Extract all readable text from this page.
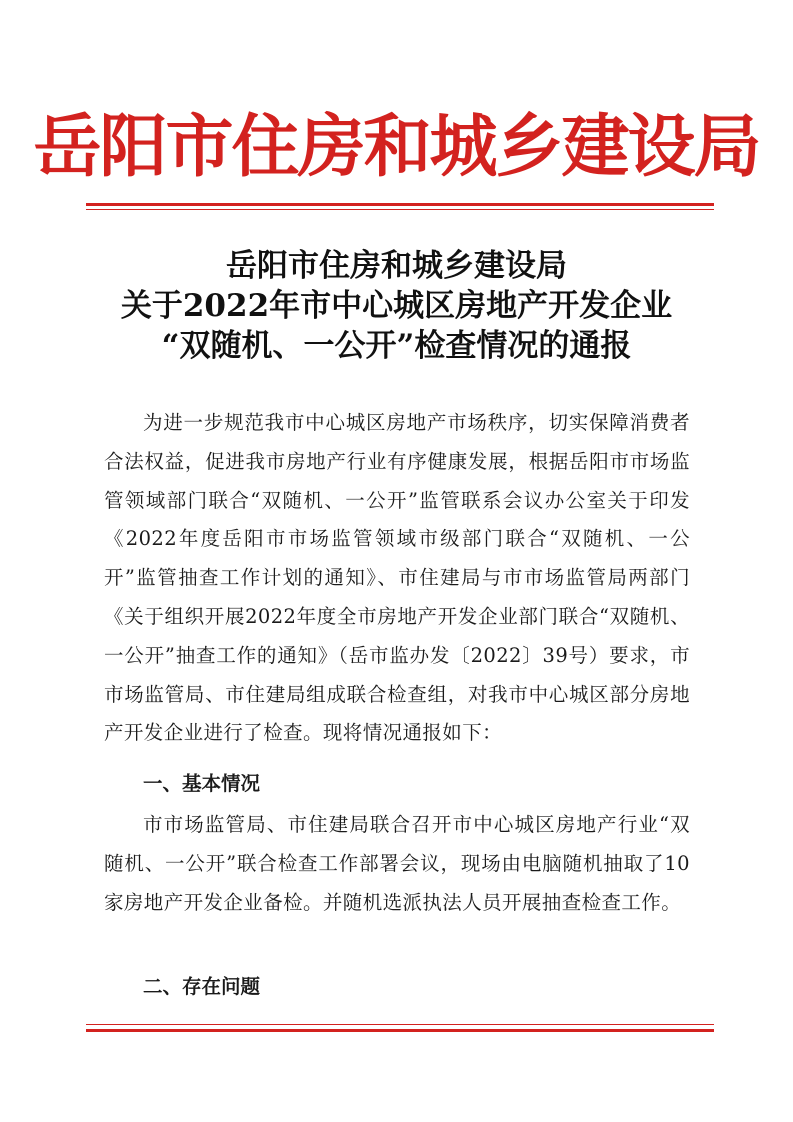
岳阳市住房和城乡建设局
岳阳市住房和城乡建设局
关于2022年市中心城区房地产开发企业
“双随机、一公开”检查情况的通报

为进一步规范我市中心城区房地产市场秩序，切实保障消费者合法权益，促进我市房地产行业有序健康发展，根据岳阳市市场监管领域部门联合“双随机、一公开”监管联系会议办公室关于印发《2022年度岳阳市市场监管领域市级部门联合“双随机、一公开”监管抽查工作计划的通知》、市住建局与市市场监管局两部门《关于组织开展2022年度全市房地产开发企业部门联合“双随机、一公开”抽查工作的通知》（岳市监办发〔2022〕39号）要求，市市场监管局、市住建局组成联合检查组，对我市中心城区部分房地产开发企业进行了检查。现将情况通报如下：

一、基本情况

市市场监管局、市住建局联合召开市中心城区房地产行业“双随机、一公开”联合检查工作部署会议，现场由电脑随机抽取了10家房地产开发企业备检。并随机选派执法人员开展抽查检查工作。

二、存在问题
